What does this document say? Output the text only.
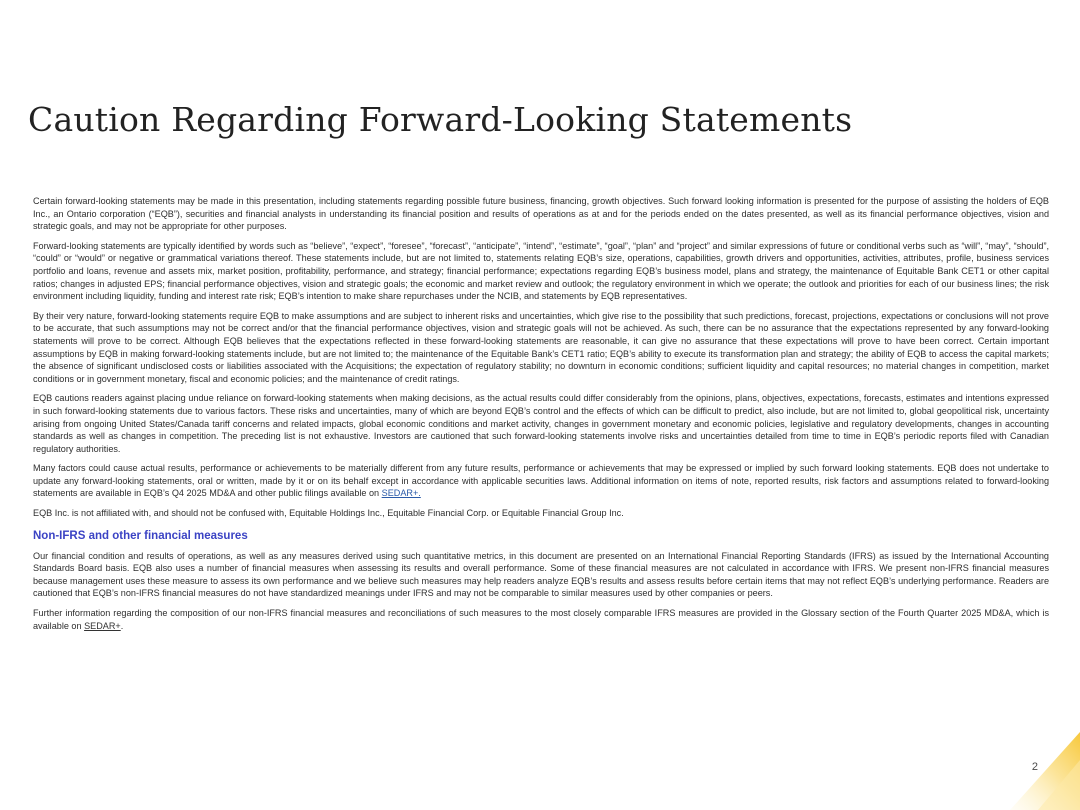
Caution Regarding Forward-Looking Statements

Certain forward-looking statements may be made in this presentation, including statements regarding possible future business, financing, growth objectives. Such forward looking information is presented for the purpose of assisting the holders of EQB Inc., an Ontario corporation (“EQB”), securities and financial analysts in understanding its financial position and results of operations as at and for the periods ended on the dates presented, as well as its financial performance objectives, vision and strategic goals, and may not be appropriate for other purposes.

Forward-looking statements are typically identified by words such as “believe”, “expect”, “foresee”, “forecast”, “anticipate”, “intend”, “estimate”, “goal”, “plan” and “project” and similar expressions of future or conditional verbs such as “will”, “may”, “should”, “could” or “would” or negative or grammatical variations thereof. These statements include, but are not limited to, statements relating EQB’s size, operations, capabilities, growth drivers and opportunities, activities, attributes, profile, business services portfolio and loans, revenue and assets mix, market position, profitability, performance, and strategy; financial performance; expectations regarding EQB’s business model, plans and strategy, the maintenance of Equitable Bank CET1 or other capital ratios; changes in adjusted EPS; financial performance objectives, vision and strategic goals; the economic and market review and outlook; the regulatory environment in which we operate; the outlook and priorities for each of our business lines; the risk environment including liquidity, funding and interest rate risk; EQB’s intention to make share repurchases under the NCIB, and statements by EQB representatives.

By their very nature, forward-looking statements require EQB to make assumptions and are subject to inherent risks and uncertainties, which give rise to the possibility that such predictions, forecast, projections, expectations or conclusions will not prove to be accurate, that such assumptions may not be correct and/or that the financial performance objectives, vision and strategic goals will not be achieved. As such, there can be no assurance that the expectations represented by any forward-looking statements will prove to be correct. Although EQB believes that the expectations reflected in these forward-looking statements are reasonable, it can give no assurance that these expectations will prove to have been correct. Certain important assumptions by EQB in making forward-looking statements include, but are not limited to; the maintenance of the Equitable Bank’s CET1 ratio; EQB’s ability to execute its transformation plan and strategy; the ability of EQB to access the capital markets; the absence of significant undisclosed costs or liabilities associated with the Acquisitions; the expectation of regulatory stability; no downturn in economic conditions; sufficient liquidity and capital resources; no material changes in competition, market conditions or in government monetary, fiscal and economic policies; and the maintenance of credit ratings.

EQB cautions readers against placing undue reliance on forward-looking statements when making decisions, as the actual results could differ considerably from the opinions, plans, objectives, expectations, forecasts, estimates and intentions expressed in such forward-looking statements due to various factors. These risks and uncertainties, many of which are beyond EQB’s control and the effects of which can be difficult to predict, also include, but are not limited to, global geopolitical risk, uncertainty arising from ongoing United States/Canada tariff concerns and related impacts, global economic conditions and market activity, changes in government monetary and economic policies, legislative and regulatory developments, changes in accounting standards as well as changes in competition. The preceding list is not exhaustive. Investors are cautioned that such forward-looking statements involve risks and uncertainties detailed from time to time in EQB’s periodic reports filed with Canadian regulatory authorities.

Many factors could cause actual results, performance or achievements to be materially different from any future results, performance or achievements that may be expressed or implied by such forward looking statements. EQB does not undertake to update any forward-looking statements, oral or written, made by it or on its behalf except in accordance with applicable securities laws. Additional information on items of note, reported results, risk factors and assumptions related to forward-looking statements are available in EQB’s Q4 2025 MD&A and other public filings available on SEDAR+.

EQB Inc. is not affiliated with, and should not be confused with, Equitable Holdings Inc., Equitable Financial Corp. or Equitable Financial Group Inc.

Non-IFRS and other financial measures

Our financial condition and results of operations, as well as any measures derived using such quantitative metrics, in this document are presented on an International Financial Reporting Standards (IFRS) as issued by the International Accounting Standards Board basis. EQB also uses a number of financial measures when assessing its results and overall performance. Some of these financial measures are not calculated in accordance with IFRS. We present non-IFRS financial measures because management uses these measure to assess its own performance and we believe such measures may help readers analyze EQB’s results and assess results before certain items that may not reflect EQB’s underlying performance. Readers are cautioned that EQB’s non-IFRS financial measures do not have standardized meanings under IFRS and may not be comparable to similar measures used by other companies or peers.

Further information regarding the composition of our non-IFRS financial measures and reconciliations of such measures to the most closely comparable IFRS measures are provided in the Glossary section of the Fourth Quarter 2025 MD&A, which is available on SEDAR+.

2
